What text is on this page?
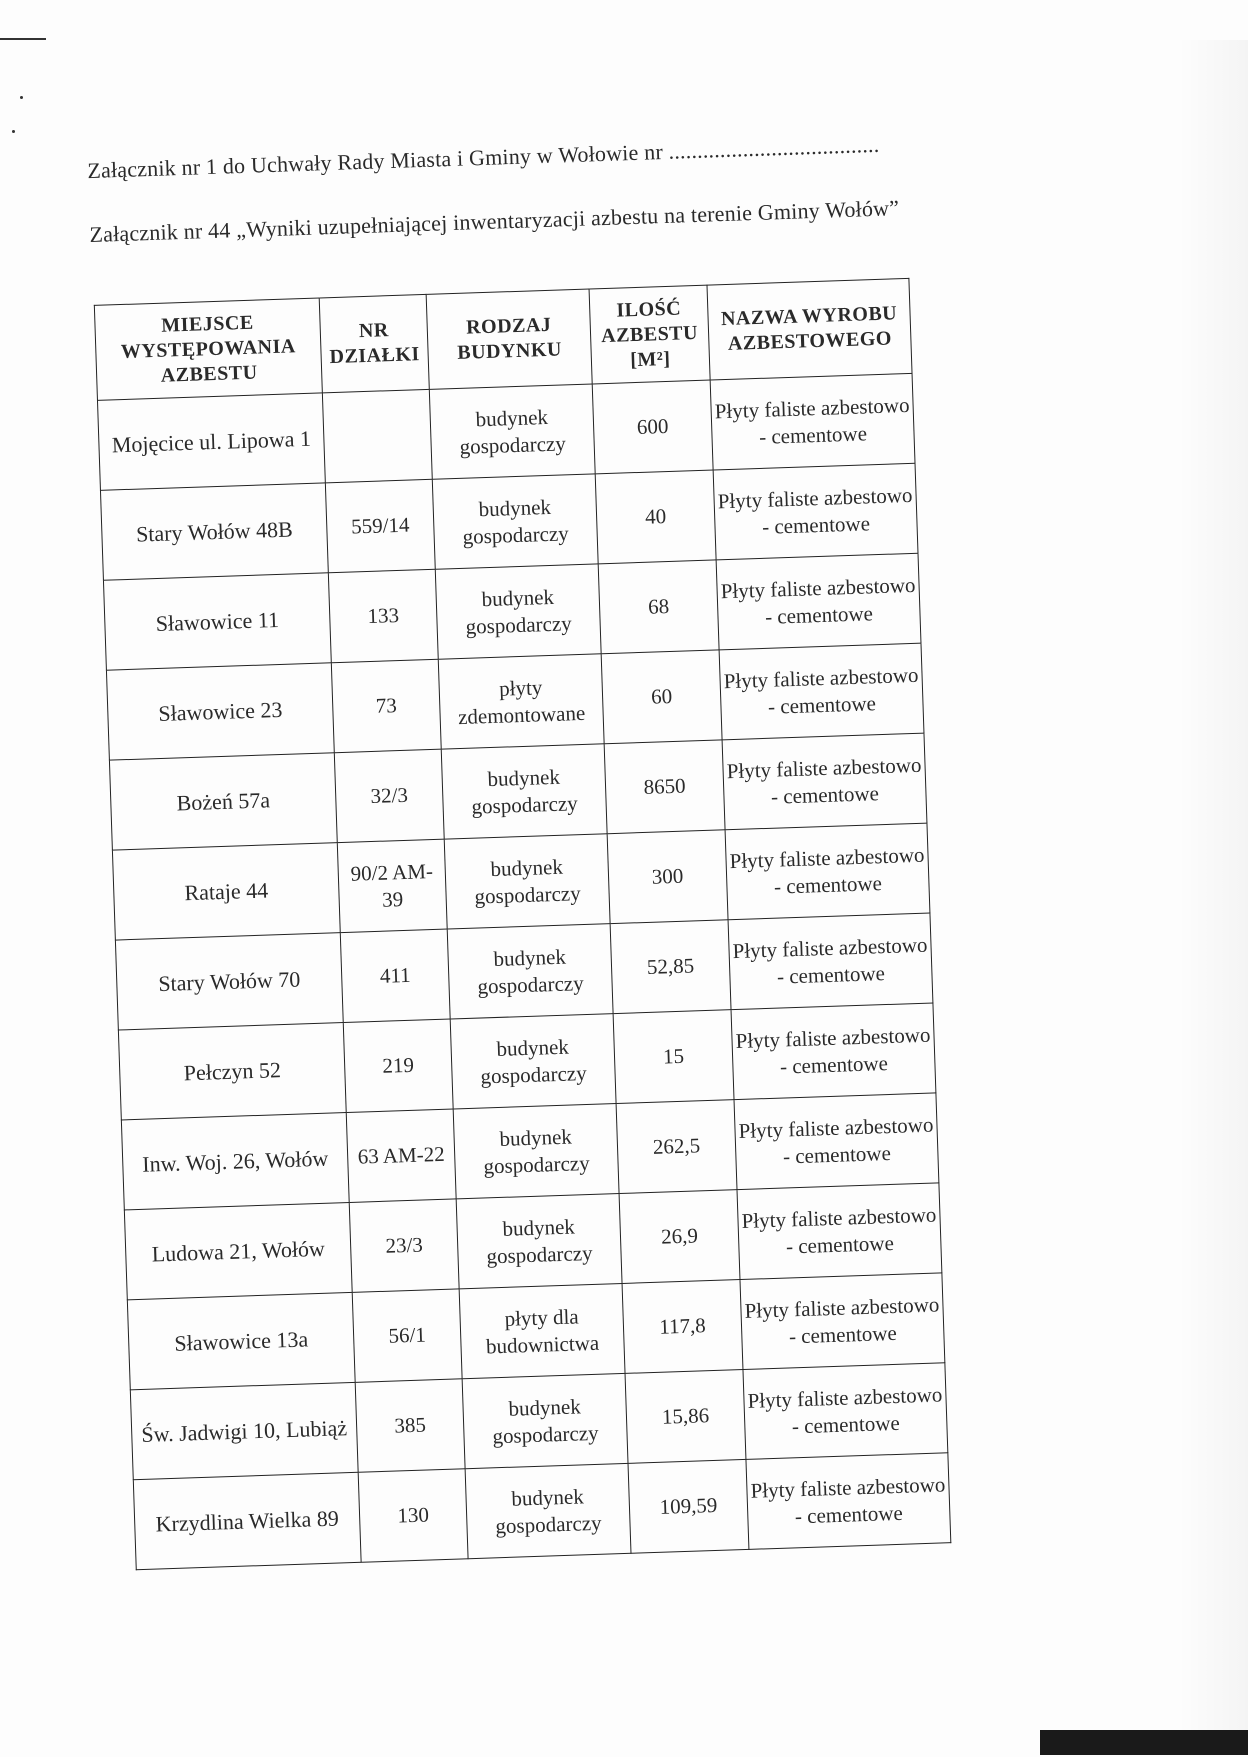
Załącznik nr 1 do Uchwały Rady Miasta i Gminy w Wołowie nr .....................................
Załącznik nr 44 „Wyniki uzupełniającej inwentaryzacji azbestu na terenie Gminy Wołów”
MIEJSCE WYSTĘPOWANIA AZBESTU	NR DZIAŁKI	RODZAJ BUDYNKU	ILOŚĆ AZBESTU [M²]	NAZWA WYROBU AZBESTOWEGO
Mojęcice ul. Lipowa 1		budynek gospodarczy	600	Płyty faliste azbestowo - cementowe
Stary Wołów 48B	559/14	budynek gospodarczy	40	Płyty faliste azbestowo - cementowe
Sławowice 11	133	budynek gospodarczy	68	Płyty faliste azbestowo - cementowe
Sławowice 23	73	płyty zdemontowane	60	Płyty faliste azbestowo - cementowe
Bożeń 57a	32/3	budynek gospodarczy	8650	Płyty faliste azbestowo - cementowe
Rataje 44	90/2 AM-39	budynek gospodarczy	300	Płyty faliste azbestowo - cementowe
Stary Wołów 70	411	budynek gospodarczy	52,85	Płyty faliste azbestowo - cementowe
Pełczyn 52	219	budynek gospodarczy	15	Płyty faliste azbestowo - cementowe
Inw. Woj. 26, Wołów	63 AM-22	budynek gospodarczy	262,5	Płyty faliste azbestowo - cementowe
Ludowa 21, Wołów	23/3	budynek gospodarczy	26,9	Płyty faliste azbestowo - cementowe
Sławowice 13a	56/1	płyty dla budownictwa	117,8	Płyty faliste azbestowo - cementowe
Św. Jadwigi 10, Lubiąż	385	budynek gospodarczy	15,86	Płyty faliste azbestowo - cementowe
Krzydlina Wielka 89	130	budynek gospodarczy	109,59	Płyty faliste azbestowo - cementowe
